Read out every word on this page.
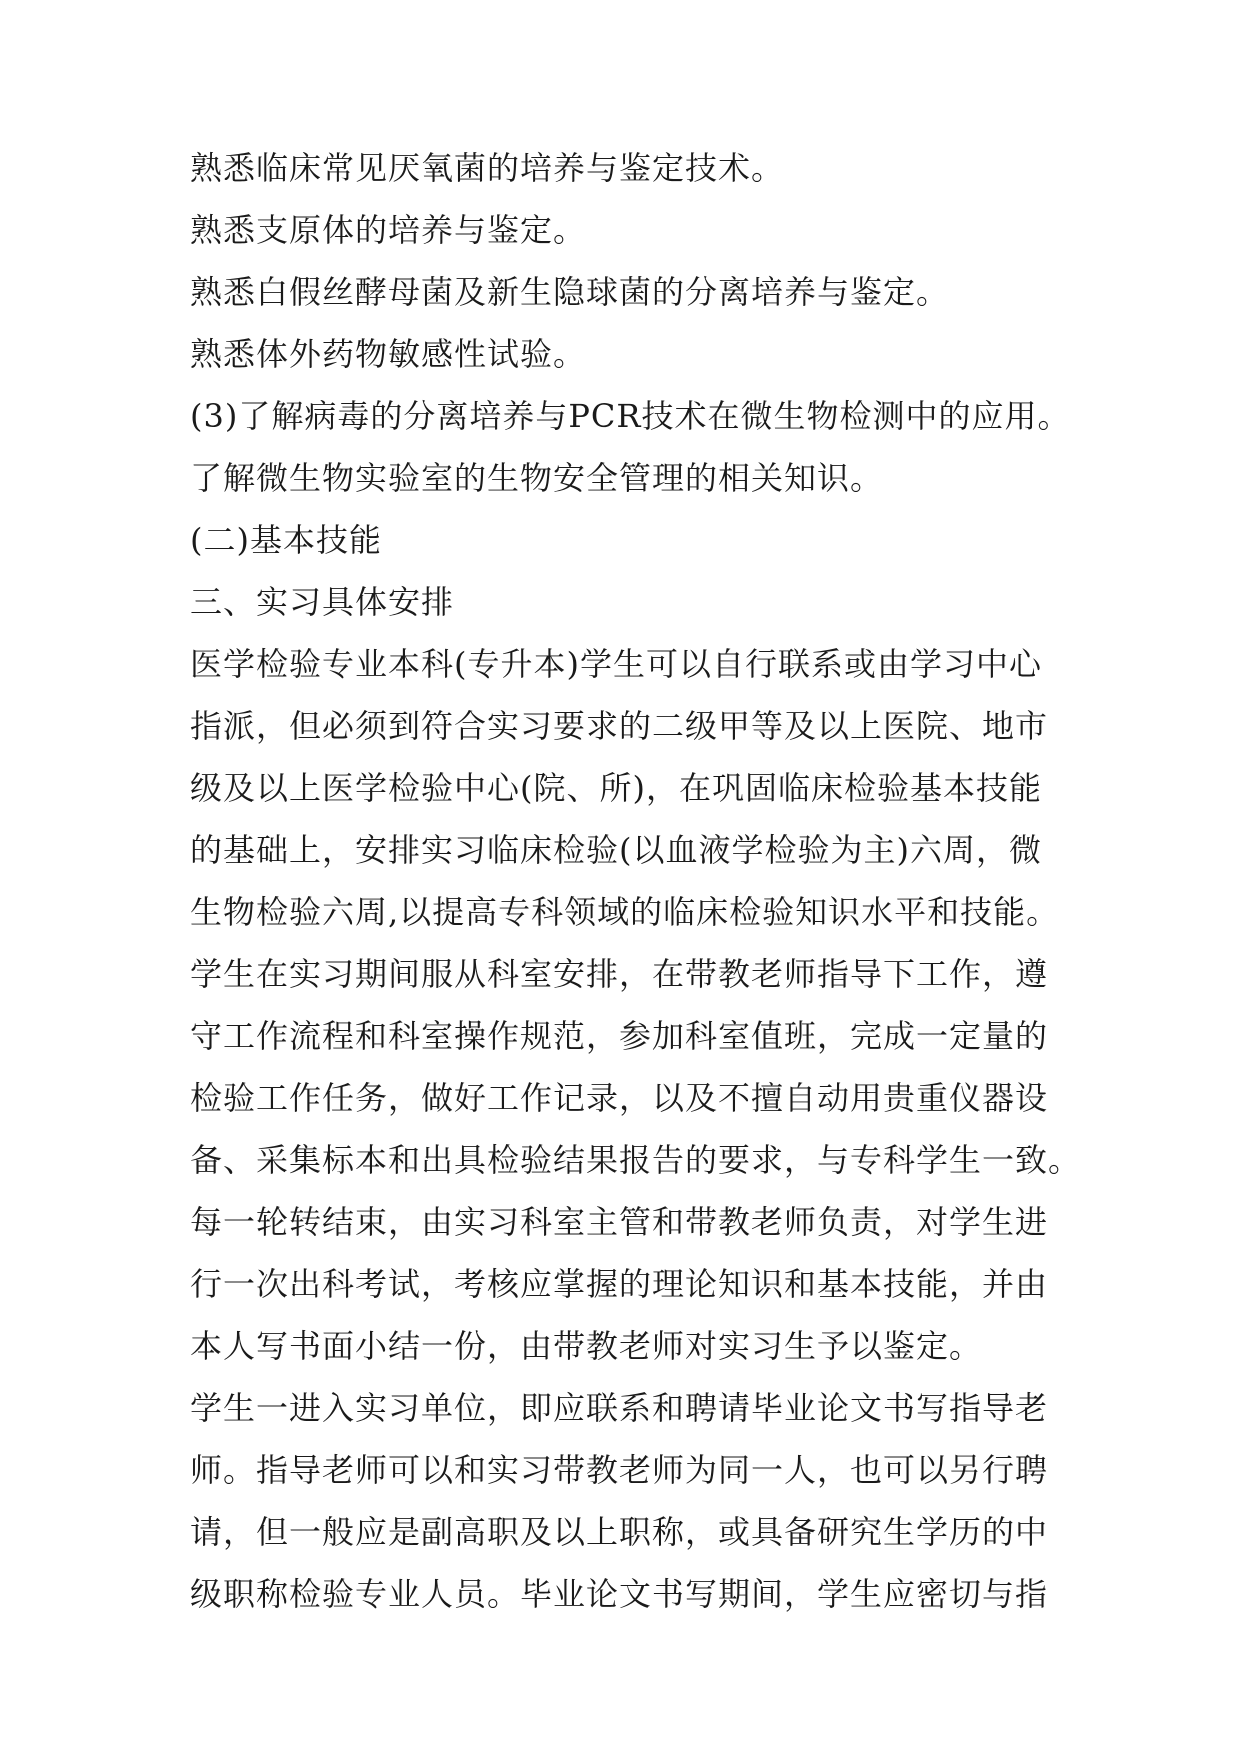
熟悉临床常见厌氧菌的培养与鉴定技术。
熟悉支原体的培养与鉴定。
熟悉白假丝酵母菌及新生隐球菌的分离培养与鉴定。
熟悉体外药物敏感性试验。
(3)了解病毒的分离培养与PCR技术在微生物检测中的应用。
了解微生物实验室的生物安全管理的相关知识。
(二)基本技能
三、实习具体安排
医学检验专业本科(专升本)学生可以自行联系或由学习中心
指派，但必须到符合实习要求的二级甲等及以上医院、地市
级及以上医学检验中心(院、所)，在巩固临床检验基本技能
的基础上，安排实习临床检验(以血液学检验为主)六周，微
生物检验六周,以提高专科领域的临床检验知识水平和技能。
学生在实习期间服从科室安排，在带教老师指导下工作，遵
守工作流程和科室操作规范，参加科室值班，完成一定量的
检验工作任务，做好工作记录，以及不擅自动用贵重仪器设
备、采集标本和出具检验结果报告的要求，与专科学生一致。
每一轮转结束，由实习科室主管和带教老师负责，对学生进
行一次出科考试，考核应掌握的理论知识和基本技能，并由
本人写书面小结一份，由带教老师对实习生予以鉴定。
学生一进入实习单位，即应联系和聘请毕业论文书写指导老
师。指导老师可以和实习带教老师为同一人，也可以另行聘
请，但一般应是副高职及以上职称，或具备研究生学历的中
级职称检验专业人员。毕业论文书写期间，学生应密切与指
